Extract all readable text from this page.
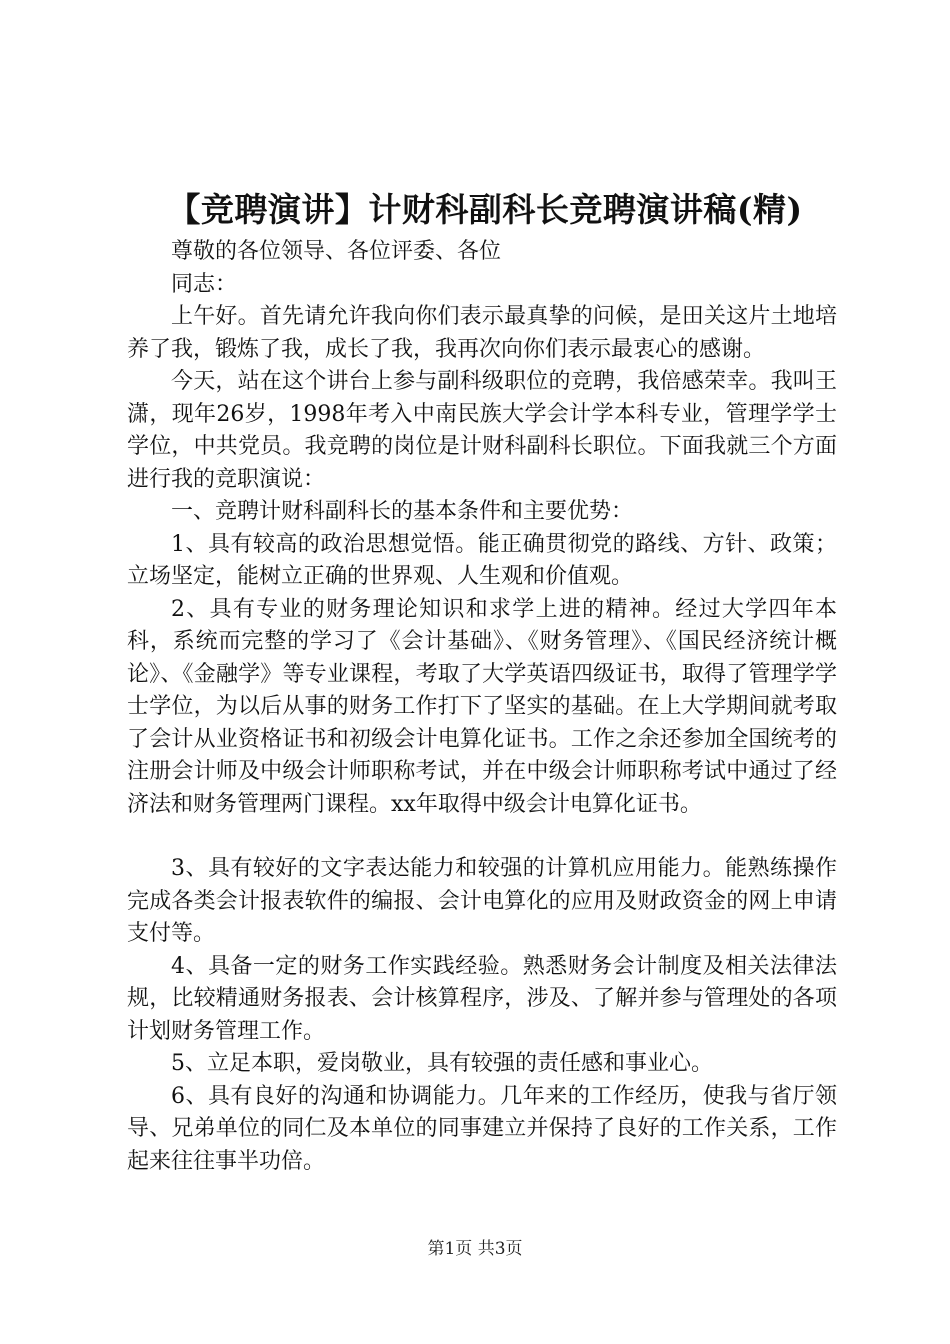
【竞聘演讲】计财科副科长竞聘演讲稿(精)

尊敬的各位领导、各位评委、各位

同志：

上午好。首先请允许我向你们表示最真挚的问候，是田关这片土地培养了我，锻炼了我，成长了我，我再次向你们表示最衷心的感谢。

今天，站在这个讲台上参与副科级职位的竞聘，我倍感荣幸。我叫王潇，现年26岁，1998年考入中南民族大学会计学本科专业，管理学学士学位，中共党员。我竞聘的岗位是计财科副科长职位。下面我就三个方面进行我的竞职演说：

一、竞聘计财科副科长的基本条件和主要优势：

1、具有较高的政治思想觉悟。能正确贯彻党的路线、方针、政策；立场坚定，能树立正确的世界观、人生观和价值观。

2、具有专业的财务理论知识和求学上进的精神。经过大学四年本科，系统而完整的学习了《会计基础》、《财务管理》、《国民经济统计概论》、《金融学》等专业课程，考取了大学英语四级证书，取得了管理学学士学位，为以后从事的财务工作打下了坚实的基础。在上大学期间就考取了会计从业资格证书和初级会计电算化证书。工作之余还参加全国统考的注册会计师及中级会计师职称考试，并在中级会计师职称考试中通过了经济法和财务管理两门课程。xx年取得中级会计电算化证书。

3、具有较好的文字表达能力和较强的计算机应用能力。能熟练操作完成各类会计报表软件的编报、会计电算化的应用及财政资金的网上申请支付等。

4、具备一定的财务工作实践经验。熟悉财务会计制度及相关法律法规，比较精通财务报表、会计核算程序，涉及、了解并参与管理处的各项计划财务管理工作。

5、立足本职，爱岗敬业，具有较强的责任感和事业心。

6、具有良好的沟通和协调能力。几年来的工作经历，使我与省厅领导、兄弟单位的同仁及本单位的同事建立并保持了良好的工作关系，工作起来往往事半功倍。

第1页 共3页
